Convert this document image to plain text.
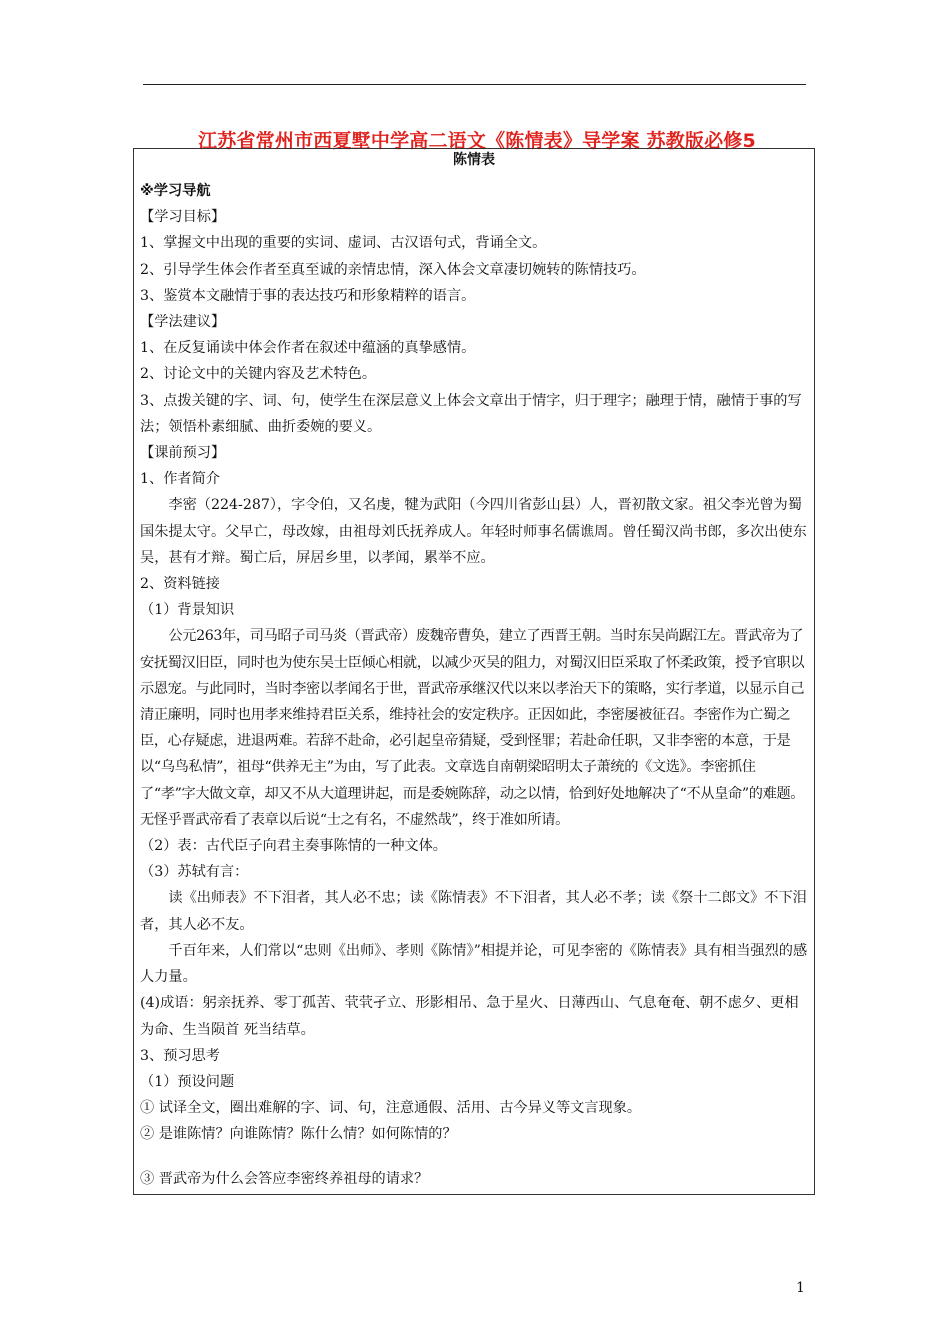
江苏省常州市西夏墅中学高二语文《陈情表》导学案 苏教版必修5
陈情表

※学习导航

【学习目标】

1、掌握文中出现的重要的实词、虚词、古汉语句式，背诵全文。

2、引导学生体会作者至真至诚的亲情忠情，深入体会文章凄切婉转的陈情技巧。

3、鉴赏本文融情于事的表达技巧和形象精粹的语言。

【学法建议】

1、在反复诵读中体会作者在叙述中蕴涵的真挚感情。

2、讨论文中的关键内容及艺术特色。

3、点拨关键的字、词、句，使学生在深层意义上体会文章出于情字，归于理字；融理于情，融情于事的写法；领悟朴素细腻、曲折委婉的要义。

【课前预习】

1、作者简介

李密（224-287），字令伯，又名虔，犍为武阳（今四川省彭山县）人，晋初散文家。祖父李光曾为蜀国朱提太守。父早亡，母改嫁，由祖母刘氏抚养成人。年轻时师事名儒谯周。曾任蜀汉尚书郎，多次出使东吴，甚有才辩。蜀亡后，屏居乡里，以孝闻，累举不应。

2、资料链接

（1）背景知识

公元263年，司马昭子司马炎（晋武帝）废魏帝曹奂，建立了西晋王朝。当时东吴尚踞江左。晋武帝为了安抚蜀汉旧臣，同时也为使东吴士臣倾心相就，以减少灭吴的阻力，对蜀汉旧臣采取了怀柔政策，授予官职以示恩宠。与此同时，当时李密以孝闻名于世，晋武帝承继汉代以来以孝治天下的策略，实行孝道，以显示自己清正廉明，同时也用孝来维持君臣关系，维持社会的安定秩序。正因如此，李密屡被征召。李密作为亡蜀之臣，心存疑虑，进退两难。若辞不赴命，必引起皇帝猜疑，受到怪罪；若赴命任职，又非李密的本意，于是以“乌鸟私情”，祖母“供养无主”为由，写了此表。文章选自南朝梁昭明太子萧统的《文选》。李密抓住了“孝”字大做文章，却又不从大道理讲起，而是委婉陈辞，动之以情，恰到好处地解决了“不从皇命”的难题。无怪乎晋武帝看了表章以后说“士之有名，不虚然哉”，终于准如所请。

（2）表：古代臣子向君主奏事陈情的一种文体。

（3）苏轼有言：

读《出师表》不下泪者，其人必不忠；读《陈情表》不下泪者，其人必不孝；读《祭十二郎文》不下泪者，其人必不友。

千百年来，人们常以“忠则《出师》、孝则《陈情》”相提并论，可见李密的《陈情表》具有相当强烈的感人力量。

(4)成语：躬亲抚养、零丁孤苦、茕茕孑立、形影相吊、急于星火、日薄西山、气息奄奄、朝不虑夕、更相为命、生当陨首 死当结草。

3、预习思考

（1）预设问题

① 试译全文，圈出难解的字、词、句，注意通假、活用、古今异义等文言现象。

② 是谁陈情？向谁陈情？陈什么情？如何陈情的？

③ 晋武帝为什么会答应李密终养祖母的请求？

1
